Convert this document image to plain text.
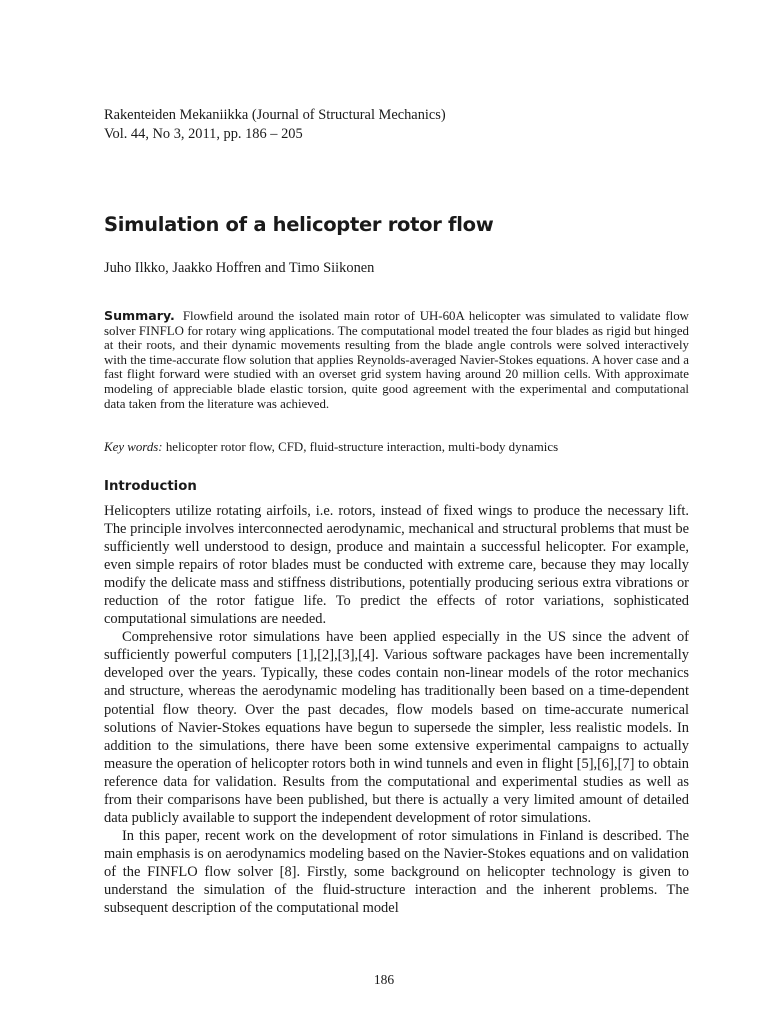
Rakenteiden Mekaniikka (Journal of Structural Mechanics)
Vol. 44, No 3, 2011, pp. 186 – 205
Simulation of a helicopter rotor flow
Juho Ilkko, Jaakko Hoffren and Timo Siikonen
Summary. Flowfield around the isolated main rotor of UH-60A helicopter was simulated to validate flow solver FINFLO for rotary wing applications. The computational model treated the four blades as rigid but hinged at their roots, and their dynamic movements resulting from the blade angle controls were solved interactively with the time-accurate flow solution that applies Reynolds-averaged Navier-Stokes equations. A hover case and a fast flight forward were studied with an overset grid system having around 20 million cells. With approximate modeling of appreciable blade elastic torsion, quite good agreement with the experimental and computational data taken from the literature was achieved.
Key words: helicopter rotor flow, CFD, fluid-structure interaction, multi-body dynamics
Introduction

Helicopters utilize rotating airfoils, i.e. rotors, instead of fixed wings to produce the necessary lift. The principle involves interconnected aerodynamic, mechanical and structural problems that must be sufficiently well understood to design, produce and maintain a successful helicopter. For example, even simple repairs of rotor blades must be conducted with extreme care, because they may locally modify the delicate mass and stiffness distributions, potentially producing serious extra vibrations or reduction of the rotor fatigue life. To predict the effects of rotor variations, sophisticated computational simulations are needed.

Comprehensive rotor simulations have been applied especially in the US since the advent of sufficiently powerful computers [1],[2],[3],[4]. Various software packages have been incrementally developed over the years. Typically, these codes contain non-linear models of the rotor mechanics and structure, whereas the aerodynamic modeling has traditionally been based on a time-dependent potential flow theory. Over the past decades, flow models based on time-accurate numerical solutions of Navier-Stokes equations have begun to supersede the simpler, less realistic models. In addition to the simulations, there have been some extensive experimental campaigns to actually measure the operation of helicopter rotors both in wind tunnels and even in flight [5],[6],[7] to obtain reference data for validation. Results from the computational and experimental studies as well as from their comparisons have been published, but there is actually a very limited amount of detailed data publicly available to support the independent development of rotor simulations.

In this paper, recent work on the development of rotor simulations in Finland is described. The main emphasis is on aerodynamics modeling based on the Navier-Stokes equations and on validation of the FINFLO flow solver [8]. Firstly, some background on helicopter technology is given to understand the simulation of the fluid-structure interaction and the inherent problems. The subsequent description of the computational model

186
